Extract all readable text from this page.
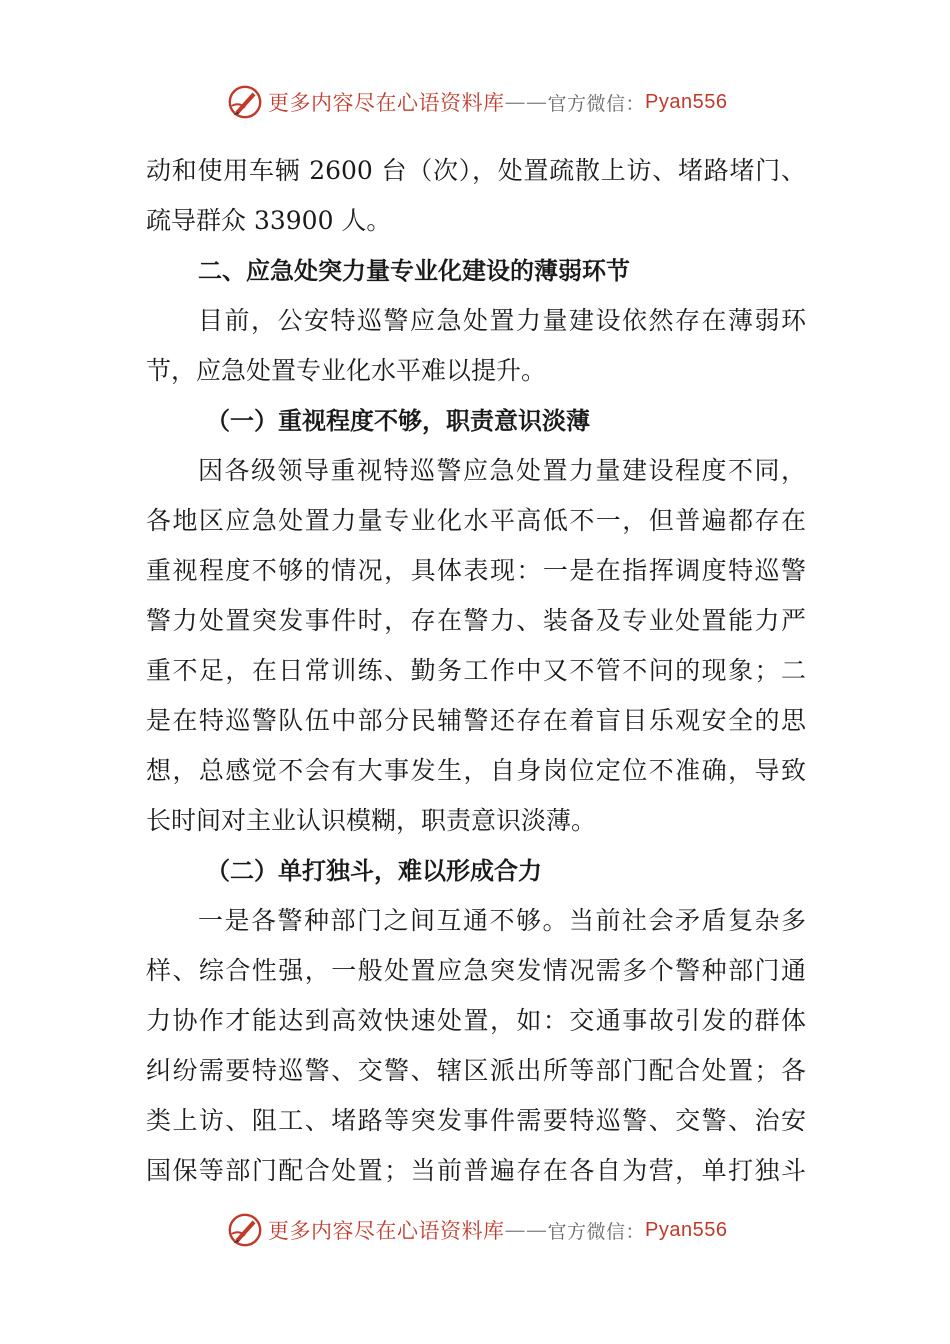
更多内容尽在心语资料库 —— 官方微信： Pyan556
动和使用车辆 2600 台（次），处置疏散上访、堵路堵门、
疏导群众 33900 人。
二、应急处突力量专业化建设的薄弱环节
目前，公安特巡警应急处置力量建设依然存在薄弱环
节，应急处置专业化水平难以提升。
（一）重视程度不够，职责意识淡薄
因各级领导重视特巡警应急处置力量建设程度不同，
各地区应急处置力量专业化水平高低不一，但普遍都存在
重视程度不够的情况，具体表现：一是在指挥调度特巡警
警力处置突发事件时，存在警力、装备及专业处置能力严
重不足，在日常训练、勤务工作中又不管不问的现象；二
是在特巡警队伍中部分民辅警还存在着盲目乐观安全的思
想，总感觉不会有大事发生，自身岗位定位不准确，导致
长时间对主业认识模糊，职责意识淡薄。
（二）单打独斗，难以形成合力
一是各警种部门之间互通不够。当前社会矛盾复杂多
样、综合性强，一般处置应急突发情况需多个警种部门通
力协作才能达到高效快速处置，如：交通事故引发的群体
纠纷需要特巡警、交警、辖区派出所等部门配合处置；各
类上访、阻工、堵路等突发事件需要特巡警、交警、治安
国保等部门配合处置；当前普遍存在各自为营，单打独斗
更多内容尽在心语资料库 —— 官方微信： Pyan556
